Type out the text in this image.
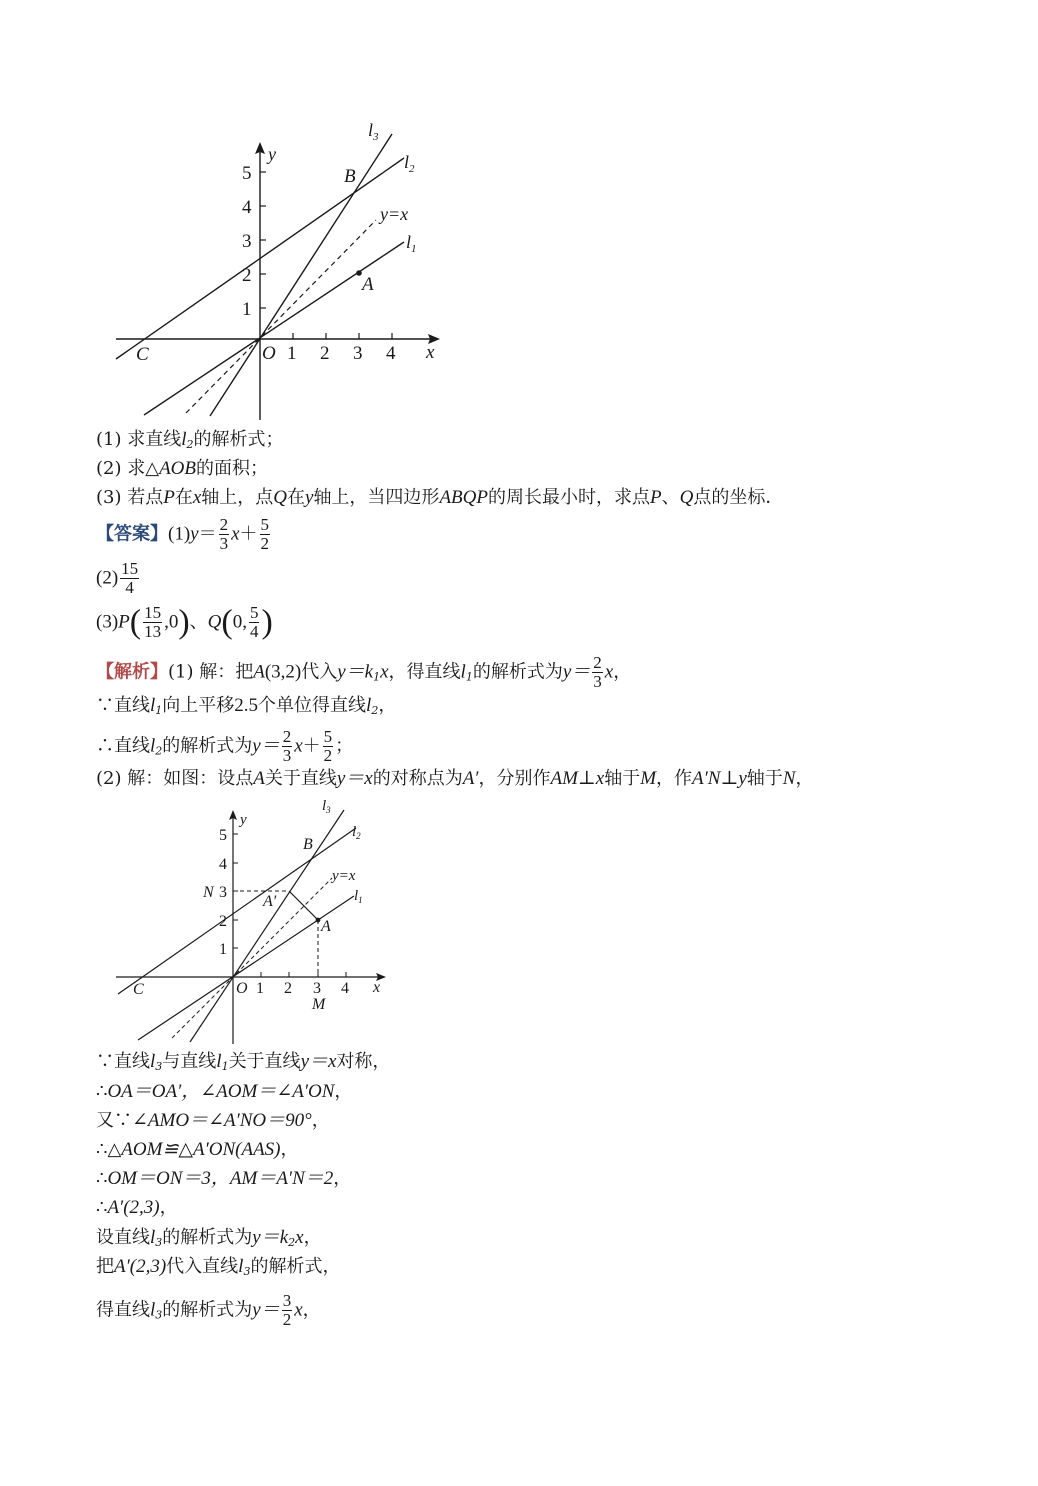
5
4
3
2
1
1 2 3 4
O	x
y
B
A
C
y=x
$l_3$
$l_2$
$l_1$
(1) 求直线$l_2$的解析式；
(2) 求△AOB的面积；
(3) 若点P在x轴上，点Q在y轴上，当四边形ABQP的周长最小时，求点P、Q点的坐标．
【答案】$(1)y= \frac{2}{3} x+ \frac{5}{2}$
$(2) \frac{15}{4}$
$(3)P( \frac{15}{13} ,0)$、Q(0, $\frac{5}{4}$ )
【解析】(1) 解：把A(3,2)代入$y=k_1x$，得直线$l_1$的解析式为$y= \frac{2}{3}$ x，
∵直线$l_1$向上平移2.5个单位得直线$l_2$，
∴直线$l_2$的解析式为$y= \frac{2}{3} x+ \frac{5}{2}$ ；
(2) 解：如图：设点A关于直线y＝x的对称点为A′，分别作AM⊥x轴于M，作A′N⊥y轴于N，
5
4
3
2
1
1 2 3 4
O	x
y
B
A
A′
N
M
C
y=x
$l_3$
$l_2$
$l_1$
∵直线$l_3$与直线$l_1$关于直线y＝x对称，
∴OA＝OA′，∠AOM＝∠A′ON，
又∵∠AMO＝∠A′NO＝90°，
∴△AOM≌△A′ON(AAS)，
∴OM＝ON＝3，AM＝A′N＝2，
∴A′(2,3)，
设直线$l_3$的解析式为$y=k_2x$，
把A′(2,3)代入直线$l_3$的解析式，
得直线$l_3$的解析式为$y= \frac{3}{2}$ x，
